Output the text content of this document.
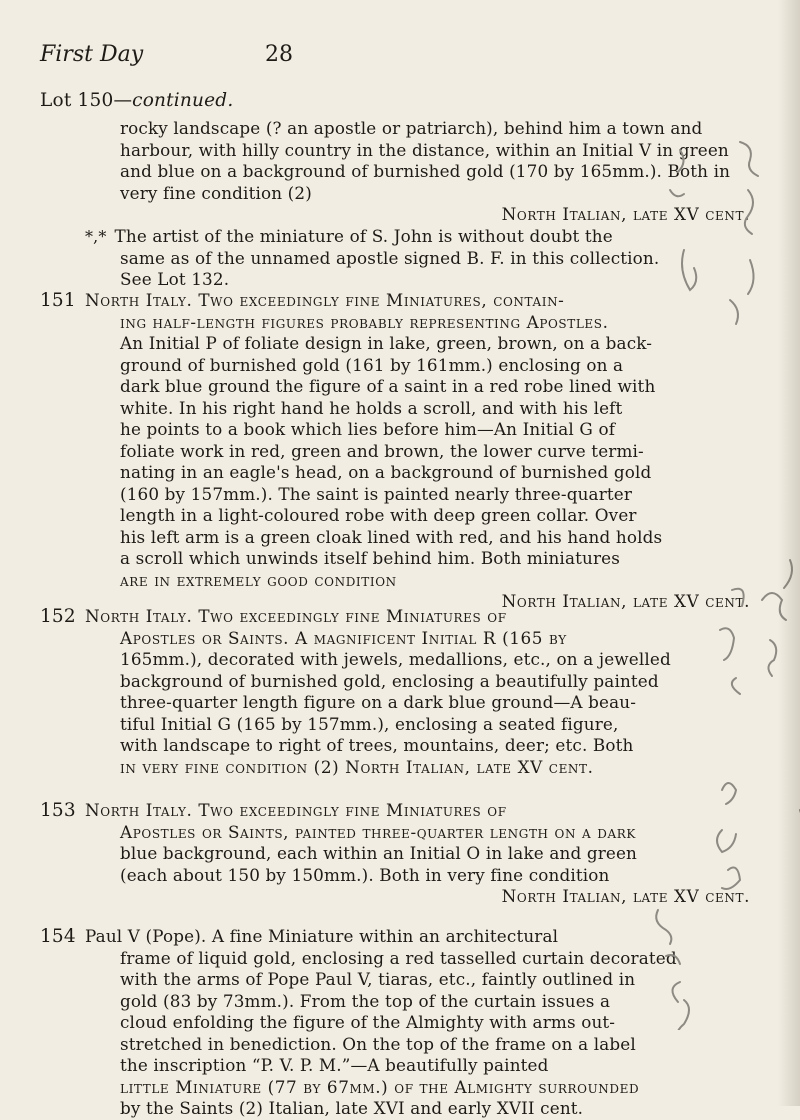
First Day	28
Lot 150—continued.
rocky landscape (? an apostle or patriarch), behind him a town and harbour, with hilly country in the distance, within an Initial V in green and blue on a background of burnished gold (170 by 165mm.). Both in very fine condition (2)
North Italian, late XV cent.
*,* The artist of the miniature of S. John is without doubt the
same as of the unnamed apostle signed B. F. in this collection.
See Lot 132.
151 North Italy. Two exceedingly fine Miniatures, contain-
ing half-length figures probably representing Apostles.
An Initial P of foliate design in lake, green, brown, on a back-
ground of burnished gold (161 by 161mm.) enclosing on a
dark blue ground the figure of a saint in a red robe lined with
white. In his right hand he holds a scroll, and with his left
he points to a book which lies before him—An Initial G of
foliate work in red, green and brown, the lower curve termi-
nating in an eagle's head, on a background of burnished gold
(160 by 157mm.). The saint is painted nearly three-quarter
length in a light-coloured robe with deep green collar. Over
his left arm is a green cloak lined with red, and his hand holds
a scroll which unwinds itself behind him. Both miniatures
are in extremely good condition
North Italian, late XV cent.
152 North Italy. Two exceedingly fine Miniatures of
Apostles or Saints. A magnificent Initial R (165 by
165mm.), decorated with jewels, medallions, etc., on a jewelled
background of burnished gold, enclosing a beautifully painted
three-quarter length figure on a dark blue ground—A beau-
tiful Initial G (165 by 157mm.), enclosing a seated figure,
with landscape to right of trees, mountains, deer; etc. Both
in very fine condition (2) North Italian, late XV cent.
153 North Italy. Two exceedingly fine Miniatures of
Apostles or Saints, painted three-quarter length on a dark
blue background, each within an Initial O in lake and green
(each about 150 by 150mm.). Both in very fine condition
North Italian, late XV cent.
154 Paul V (Pope). A fine Miniature within an architectural
frame of liquid gold, enclosing a red tasselled curtain decorated
with the arms of Pope Paul V, tiaras, etc., faintly outlined in
gold (83 by 73mm.). From the top of the curtain issues a
cloud enfolding the figure of the Almighty with arms out-
stretched in benediction. On the top of the frame on a label
the inscription “P. V. P. M.”—A beautifully painted
little Miniature (77 by 67mm.) of the Almighty surrounded
by the Saints (2) Italian, late XVI and early XVII cent.
